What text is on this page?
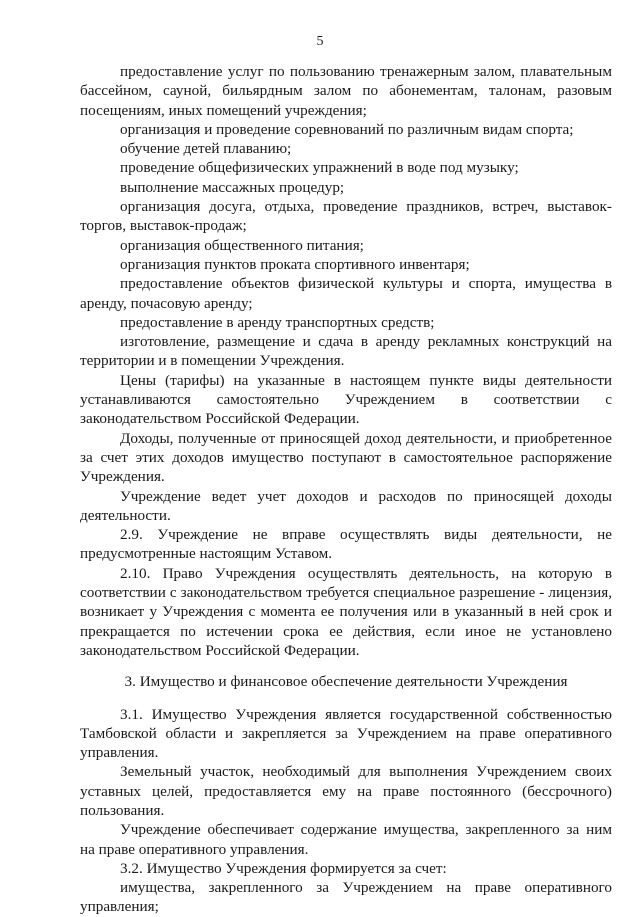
5

предоставление услуг по пользованию тренажерным залом, плавательным бассейном, сауной, бильярдным залом по абонементам, талонам, разовым посещениям, иных помещений учреждения;

организация и проведение соревнований по различным видам спорта;

обучение детей плаванию;

проведение общефизических упражнений в воде под музыку;

выполнение массажных процедур;

организация досуга, отдыха, проведение праздников, встреч, выставок-торгов, выставок-продаж;

организация общественного питания;

организация пунктов проката спортивного инвентаря;

предоставление объектов физической культуры и спорта, имущества в аренду, почасовую аренду;

предоставление в аренду транспортных средств;

изготовление, размещение и сдача в аренду рекламных конструкций на территории и в помещении Учреждения.

Цены (тарифы) на указанные в настоящем пункте виды деятельности устанавливаются самостоятельно Учреждением в соответствии с законодательством Российской Федерации.

Доходы, полученные от приносящей доход деятельности, и приобретенное за счет этих доходов имущество поступают в самостоятельное распоряжение Учреждения.

Учреждение ведет учет доходов и расходов по приносящей доходы деятельности.

2.9. Учреждение не вправе осуществлять виды деятельности, не предусмотренные настоящим Уставом.

2.10. Право Учреждения осуществлять деятельность, на которую в соответствии с законодательством требуется специальное разрешение - лицензия, возникает у Учреждения с момента ее получения или в указанный в ней срок и прекращается по истечении срока ее действия, если иное не установлено законодательством Российской Федерации.

3. Имущество и финансовое обеспечение деятельности Учреждения

3.1. Имущество Учреждения является государственной собственностью Тамбовской области и закрепляется за Учреждением на праве оперативного управления.

Земельный участок, необходимый для выполнения Учреждением своих уставных целей, предоставляется ему на праве постоянного (бессрочного) пользования.

Учреждение обеспечивает содержание имущества, закрепленного за ним на праве оперативного управления.

3.2. Имущество Учреждения формируется за счет:

имущества, закрепленного за Учреждением на праве оперативного управления;
